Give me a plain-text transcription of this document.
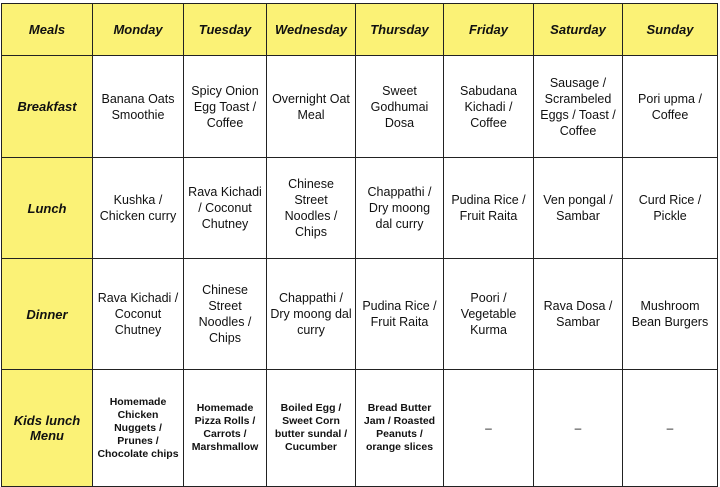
Meals	Monday	Tuesday	Wednesday	Thursday	Friday	Saturday	Sunday
Breakfast	Banana Oats Smoothie	Spicy Onion Egg Toast / Coffee	Overnight Oat Meal	Sweet Godhumai Dosa	Sabudana Kichadi / Coffee	Sausage / Scrambeled Eggs / Toast / Coffee	Pori upma / Coffee
Lunch	Kushka / Chicken curry	Rava Kichadi / Coconut Chutney	Chinese Street Noodles / Chips	Chappathi / Dry moong dal curry	Pudina Rice / Fruit Raita	Ven pongal / Sambar	Curd Rice / Pickle
Dinner	Rava Kichadi / Coconut Chutney	Chinese Street Noodles / Chips	Chappathi / Dry moong dal curry	Pudina Rice / Fruit Raita	Poori / Vegetable Kurma	Rava Dosa / Sambar	Mushroom Bean Burgers
Kids lunch Menu	Homemade Chicken Nuggets / Prunes / Chocolate chips	Homemade Pizza Rolls / Carrots / Marshmallow	Boiled Egg / Sweet Corn butter sundal / Cucumber	Bread Butter Jam / Roasted Peanuts / orange slices	–	–	–
